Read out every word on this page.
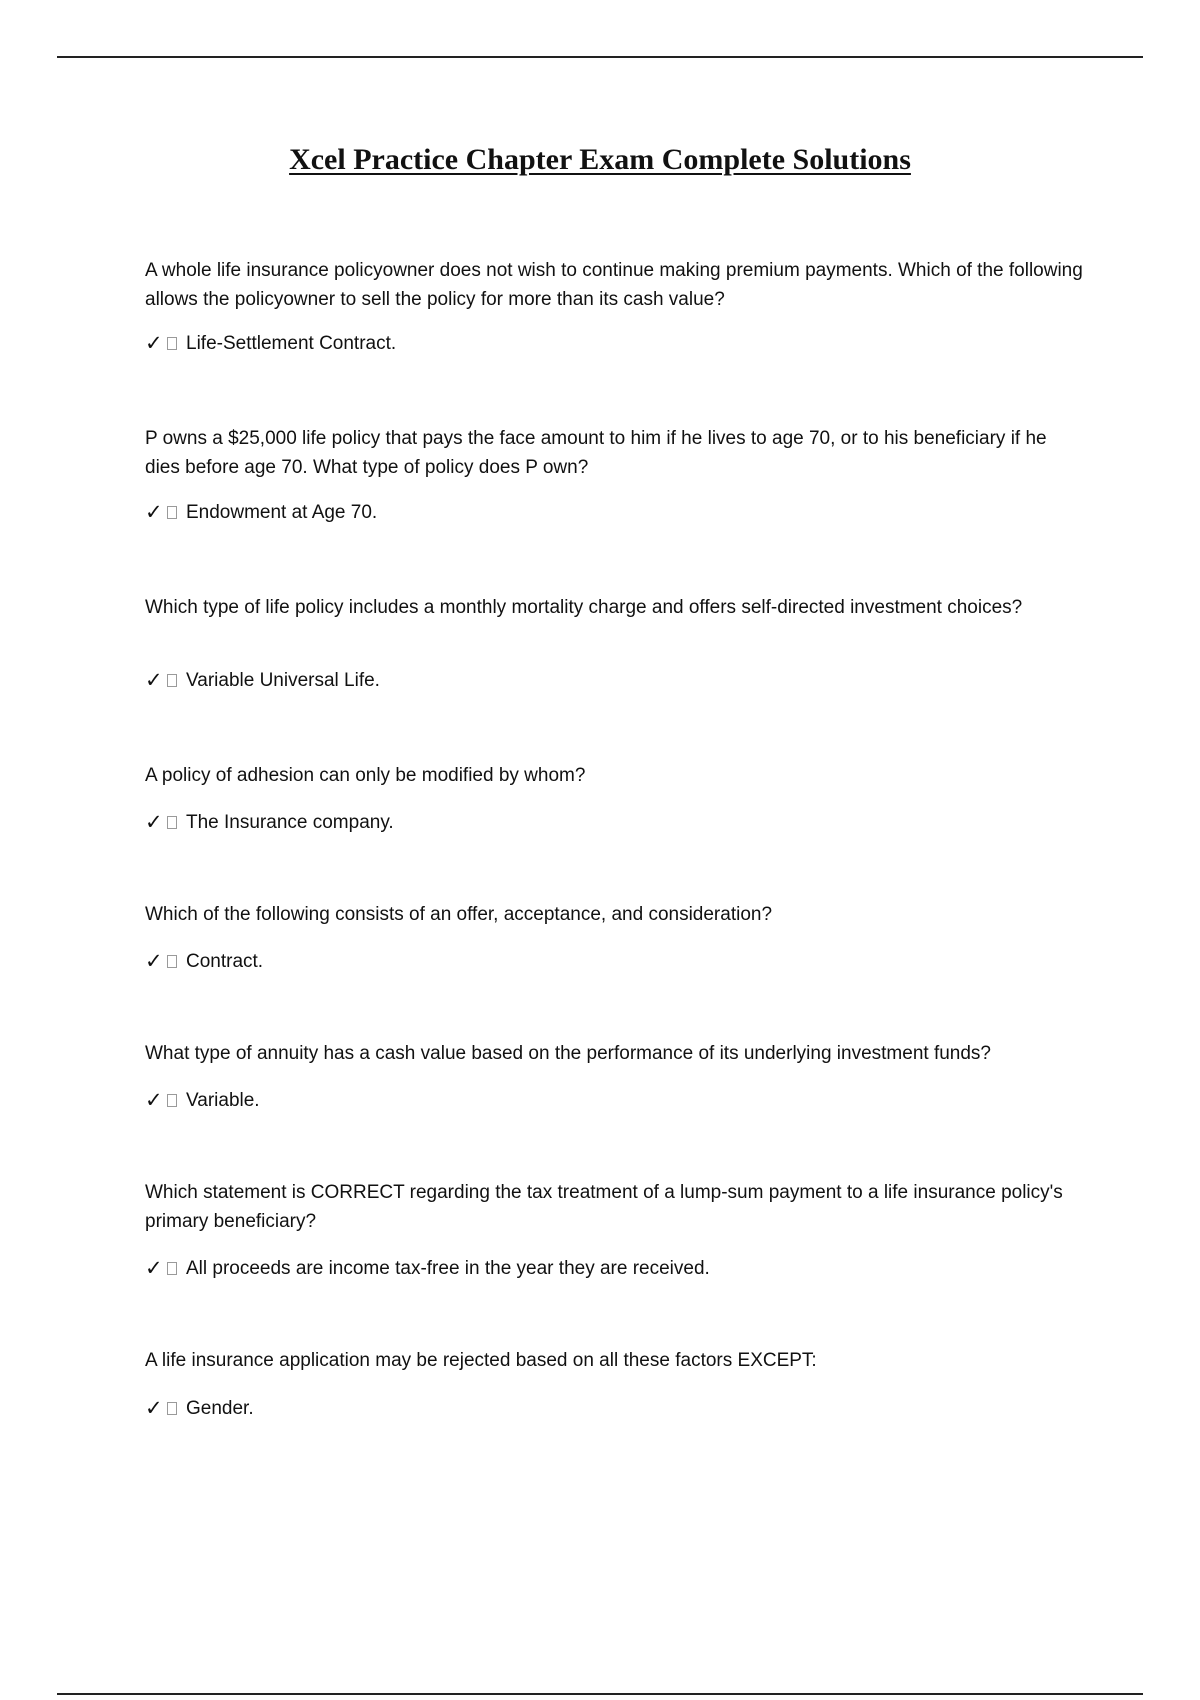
Xcel Practice Chapter Exam Complete Solutions

A whole life insurance policyowner does not wish to continue making premium payments. Which of the following allows the policyowner to sell the policy for more than its cash value?

✓ Life-Settlement Contract.

P owns a $25,000 life policy that pays the face amount to him if he lives to age 70, or to his beneficiary if he dies before age 70. What type of policy does P own?

✓ Endowment at Age 70.

Which type of life policy includes a monthly mortality charge and offers self-directed investment choices?

✓ Variable Universal Life.

A policy of adhesion can only be modified by whom?

✓ The Insurance company.

Which of the following consists of an offer, acceptance, and consideration?

✓ Contract.

What type of annuity has a cash value based on the performance of its underlying investment funds?

✓ Variable.

Which statement is CORRECT regarding the tax treatment of a lump-sum payment to a life insurance policy's primary beneficiary?

✓ All proceeds are income tax-free in the year they are received.

A life insurance application may be rejected based on all these factors EXCEPT:

✓ Gender.
